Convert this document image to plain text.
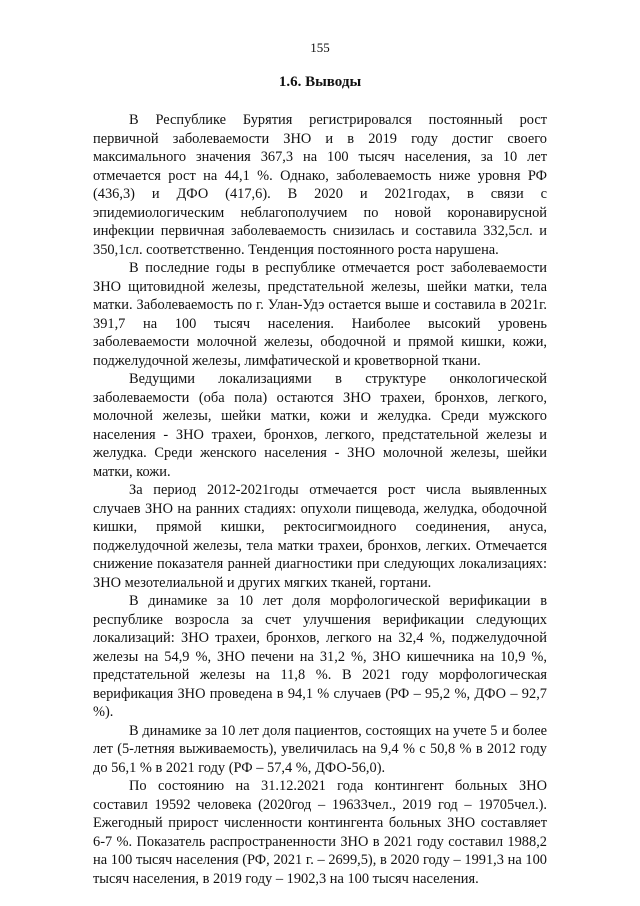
155

1.6. Выводы

В Республике Бурятия регистрировался постоянный рост первичной заболеваемости ЗНО и в 2019 году достиг своего максимального значения 367,3 на 100 тысяч населения, за 10 лет отмечается рост на 44,1 %. Однако, заболеваемость ниже уровня РФ (436,3) и ДФО (417,6). В 2020 и 2021годах, в связи с эпидемиологическим неблагополучием по новой коронавирусной инфекции первичная заболеваемость снизилась и составила 332,5сл. и 350,1сл. соответственно. Тенденция постоянного роста нарушена.

В последние годы в республике отмечается рост заболеваемости ЗНО щитовидной железы, предстательной железы, шейки матки, тела матки. Заболеваемость по г. Улан-Удэ остается выше и составила в 2021г. 391,7 на 100 тысяч населения. Наиболее высокий уровень заболеваемости молочной железы, ободочной и прямой кишки, кожи, поджелудочной железы, лимфатической и кроветворной ткани.

Ведущими локализациями в структуре онкологической заболеваемости (оба пола) остаются ЗНО трахеи, бронхов, легкого, молочной железы, шейки матки, кожи и желудка. Среди мужского населения - ЗНО трахеи, бронхов, легкого, предстательной железы и желудка. Среди женского населения - ЗНО молочной железы, шейки матки, кожи.

За период 2012-2021годы отмечается рост числа выявленных случаев ЗНО на ранних стадиях: опухоли пищевода, желудка, ободочной кишки, прямой кишки, ректосигмоидного соединения, ануса, поджелудочной железы, тела матки трахеи, бронхов, легких. Отмечается снижение показателя ранней диагностики при следующих локализациях: ЗНО мезотелиальной и других мягких тканей, гортани.

В динамике за 10 лет доля морфологической верификации в республике возросла за счет улучшения верификации следующих локализаций: ЗНО трахеи, бронхов, легкого на 32,4 %, поджелудочной железы на 54,9 %, ЗНО печени на 31,2 %, ЗНО кишечника на 10,9 %, предстательной железы на 11,8 %. В 2021 году морфологическая верификация ЗНО проведена в 94,1 % случаев (РФ – 95,2 %, ДФО – 92,7 %).

В динамике за 10 лет доля пациентов, состоящих на учете 5 и более лет (5-летняя выживаемость), увеличилась на 9,4 % с 50,8 % в 2012 году до 56,1 % в 2021 году (РФ – 57,4 %, ДФО-56,0).

По состоянию на 31.12.2021 года контингент больных ЗНО составил 19592 человека (2020год – 19633чел., 2019 год – 19705чел.). Ежегодный прирост численности контингента больных ЗНО составляет 6-7 %. Показатель распространенности ЗНО в 2021 году составил 1988,2 на 100 тысяч населения (РФ, 2021 г. – 2699,5), в 2020 году – 1991,3 на 100 тысяч населения, в 2019 году – 1902,3 на 100 тысяч населения.
